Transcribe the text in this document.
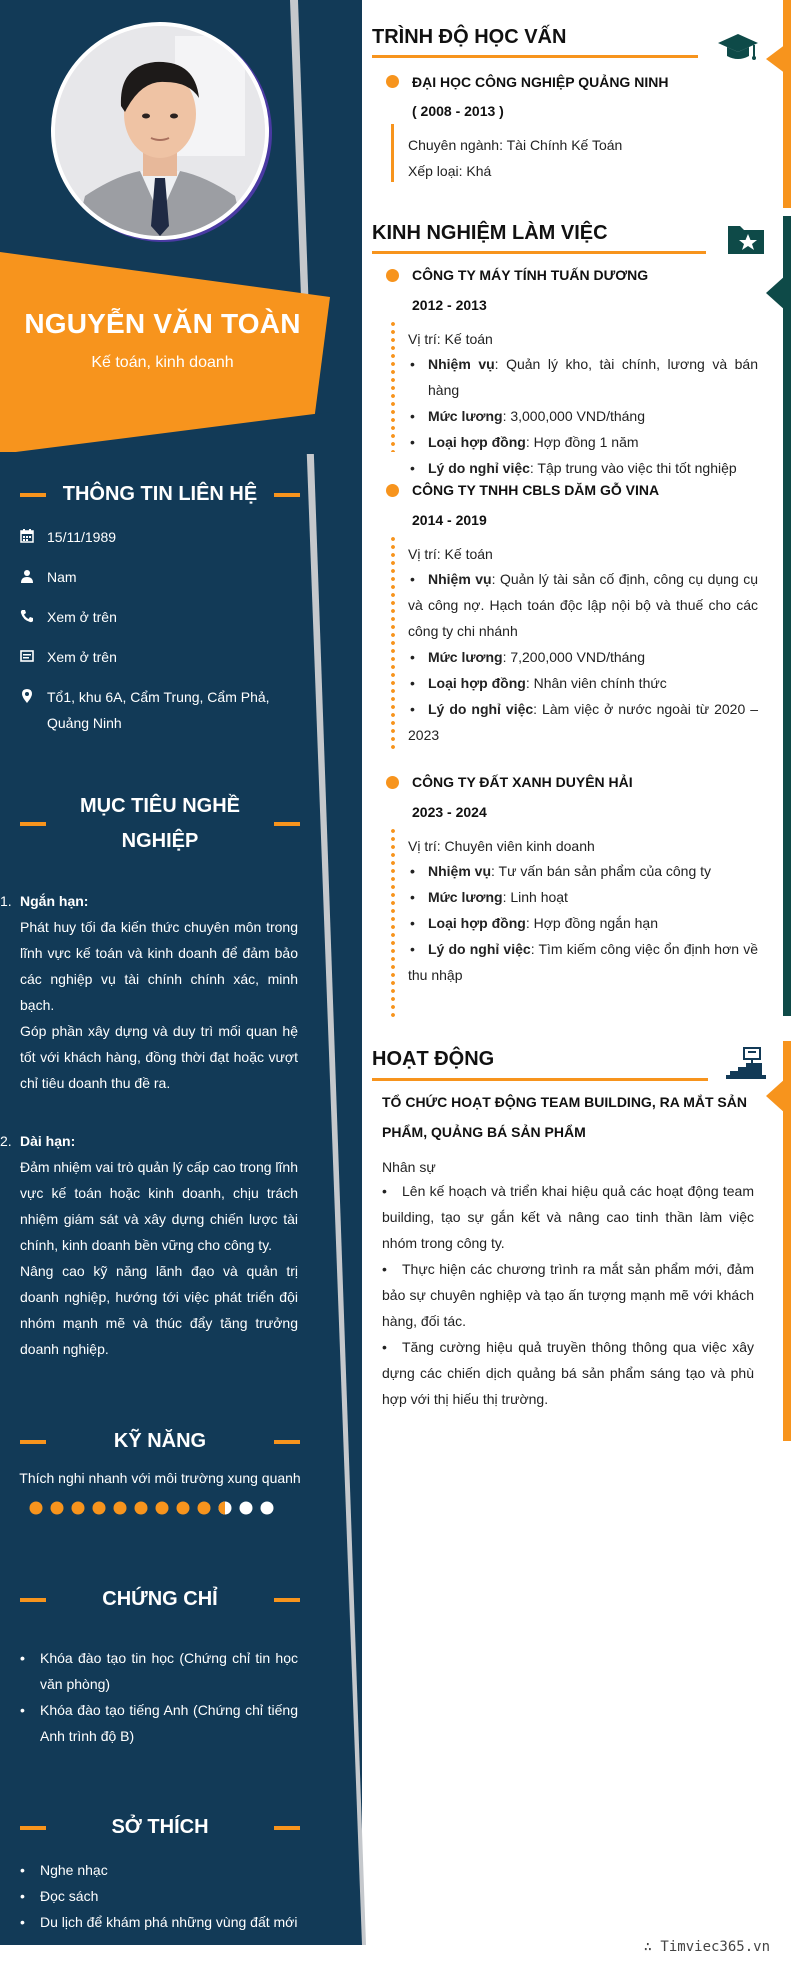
NGUYỄN VĂN TOÀN
Kế toán, kinh doanh
THÔNG TIN LIÊN HỆ
15/11/1989
Nam
Xem ở trên
Xem ở trên
Tổ1, khu 6A, Cẩm Trung, Cẩm Phả, Quảng Ninh
MỤC TIÊU NGHỀ NGHIỆP
1. Ngắn hạn:

Phát huy tối đa kiến thức chuyên môn trong lĩnh vực kế toán và kinh doanh để đảm bảo các nghiệp vụ tài chính chính xác, minh bạch.

Góp phần xây dựng và duy trì mối quan hệ tốt với khách hàng, đồng thời đạt hoặc vượt chỉ tiêu doanh thu đề ra.

2. Dài hạn:

Đảm nhiệm vai trò quản lý cấp cao trong lĩnh vực kế toán hoặc kinh doanh, chịu trách nhiệm giám sát và xây dựng chiến lược tài chính, kinh doanh bền vững cho công ty.

Nâng cao kỹ năng lãnh đạo và quản trị doanh nghiệp, hướng tới việc phát triển đội nhóm mạnh mẽ và thúc đẩy tăng trưởng doanh nghiệp.

KỸ NĂNG
Thích nghi nhanh với môi trường xung quanh
CHỨNG CHỈ
• Khóa đào tạo tin học (Chứng chỉ tin học văn phòng)
• Khóa đào tạo tiếng Anh (Chứng chỉ tiếng Anh trình độ B)
SỞ THÍCH
• Nghe nhạc
• Đọc sách
• Du lịch để khám phá những vùng đất mới
TRÌNH ĐỘ HỌC VẤN
ĐẠI HỌC CÔNG NGHIỆP QUẢNG NINH
( 2008 - 2013 )
Chuyên ngành: Tài Chính Kế Toán
Xếp loại: Khá
KINH NGHIỆM LÀM VIỆC
CÔNG TY MÁY TÍNH TUẤN DƯƠNG
2012 - 2013
Vị trí: Kế toán
• Nhiệm vụ: Quản lý kho, tài chính, lương và bán hàng
• Mức lương: 3,000,000 VND/tháng
• Loại hợp đồng: Hợp đồng 1 năm
• Lý do nghỉ việc: Tập trung vào việc thi tốt nghiệp
CÔNG TY TNHH CBLS DĂM GỖ VINA
2014 - 2019
Vị trí: Kế toán
• Nhiệm vụ: Quản lý tài sản cố định, công cụ dụng cụ và công nợ. Hạch toán độc lập nội bộ và thuế cho các công ty chi nhánh
• Mức lương: 7,200,000 VND/tháng
• Loại hợp đồng: Nhân viên chính thức
• Lý do nghỉ việc: Làm việc ở nước ngoài từ 2020 – 2023
CÔNG TY ĐẤT XANH DUYÊN HẢI
2023 - 2024
Vị trí: Chuyên viên kinh doanh
• Nhiệm vụ: Tư vấn bán sản phẩm của công ty
• Mức lương: Linh hoạt
• Loại hợp đồng: Hợp đồng ngắn hạn
• Lý do nghỉ việc: Tìm kiếm công việc ổn định hơn về thu nhập
HOẠT ĐỘNG
TỔ CHỨC HOẠT ĐỘNG TEAM BUILDING, RA MẮT SẢN PHẨM, QUẢNG BÁ SẢN PHẨM
Nhân sự
• Lên kế hoạch và triển khai hiệu quả các hoạt động team building, tạo sự gắn kết và nâng cao tinh thần làm việc nhóm trong công ty.
• Thực hiện các chương trình ra mắt sản phẩm mới, đảm bảo sự chuyên nghiệp và tạo ấn tượng mạnh mẽ với khách hàng, đối tác.
• Tăng cường hiệu quả truyền thông thông qua việc xây dựng các chiến dịch quảng bá sản phẩm sáng tạo và phù hợp với thị hiếu thị trường.
∴ Timviec365.vn
